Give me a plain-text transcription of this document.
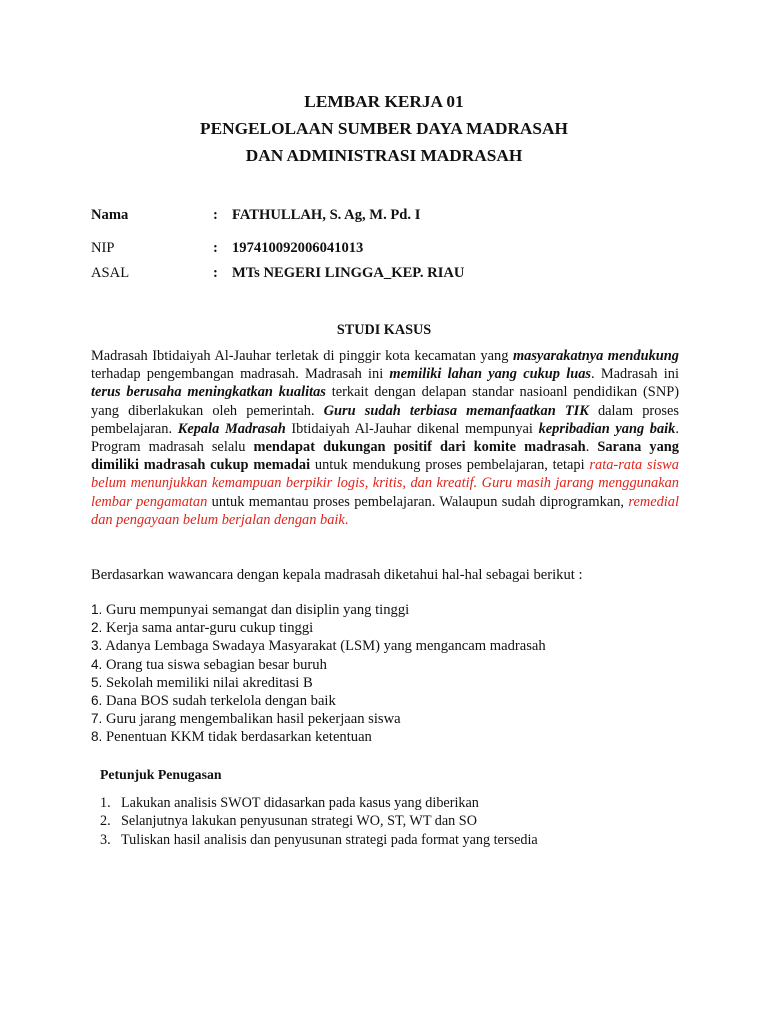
LEMBAR KERJA 01
PENGELOLAAN SUMBER DAYA MADRASAH
DAN ADMINISTRASI MADRASAH
Nama	: FATHULLAH, S. Ag, M. Pd. I
NIP	: 197410092006041013
ASAL	: MTs NEGERI LINGGA_KEP. RIAU
STUDI KASUS
Madrasah Ibtidaiyah Al-Jauhar terletak di pinggir kota kecamatan yang masyarakatnya mendukung terhadap pengembangan madrasah. Madrasah ini memiliki lahan yang cukup luas. Madrasah ini terus berusaha meningkatkan kualitas terkait dengan delapan standar nasioanl pendidikan (SNP) yang diberlakukan oleh pemerintah. Guru sudah terbiasa memanfaatkan TIK dalam proses pembelajaran. Kepala Madrasah Ibtidaiyah Al-Jauhar dikenal mempunyai kepribadian yang baik. Program madrasah selalu mendapat dukungan positif dari komite madrasah. Sarana yang dimiliki madrasah cukup memadai untuk mendukung proses pembelajaran, tetapi rata-rata siswa belum menunjukkan kemampuan berpikir logis, kritis, dan kreatif. Guru masih jarang menggunakan lembar pengamatan untuk memantau proses pembelajaran. Walaupun sudah diprogramkan, remedial dan pengayaan belum berjalan dengan baik.
Berdasarkan wawancara dengan kepala madrasah diketahui hal-hal sebagai berikut :
1. Guru mempunyai semangat dan disiplin yang tinggi
2. Kerja sama antar-guru cukup tinggi
3. Adanya Lembaga Swadaya Masyarakat (LSM) yang mengancam madrasah
4. Orang tua siswa sebagian besar buruh
5. Sekolah memiliki nilai akreditasi B
6. Dana BOS sudah terkelola dengan baik
7. Guru jarang mengembalikan hasil pekerjaan siswa
8. Penentuan KKM tidak berdasarkan ketentuan
Petunjuk Penugasan
1. Lakukan analisis SWOT didasarkan pada kasus yang diberikan
2. Selanjutnya lakukan penyusunan strategi WO, ST, WT dan SO
3. Tuliskan hasil analisis dan penyusunan strategi pada format yang tersedia
